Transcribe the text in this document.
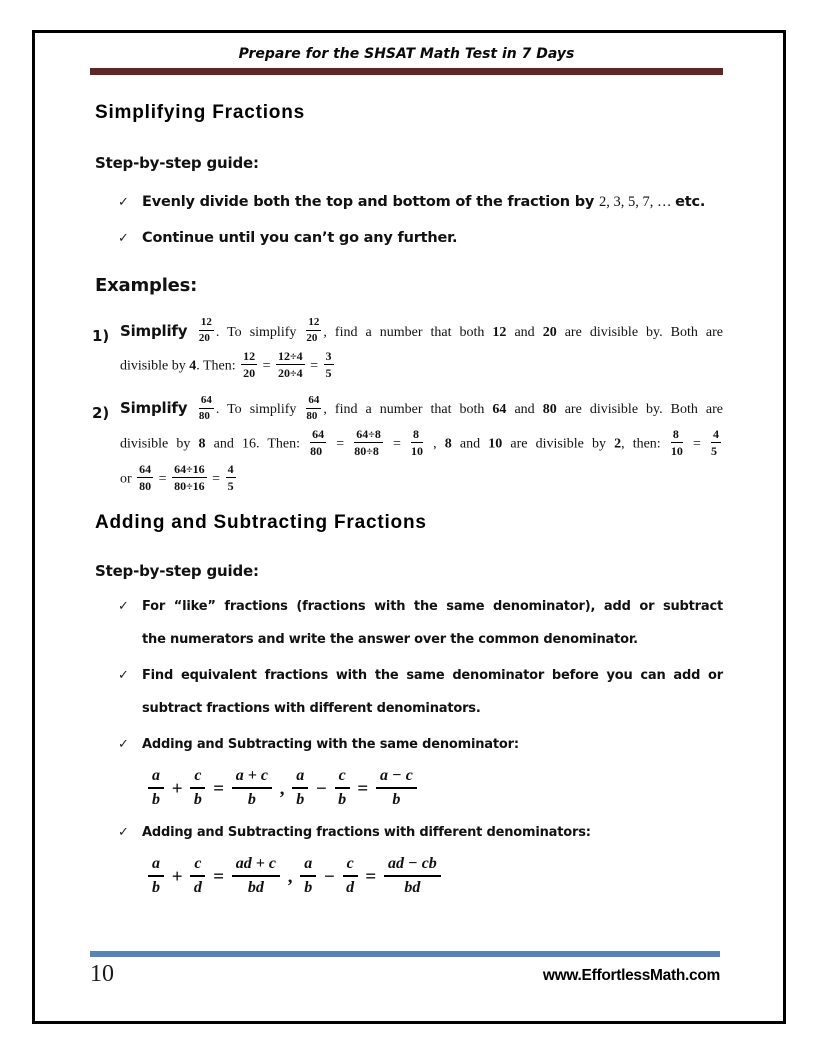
Prepare for the SHSAT Math Test in 7 Days
Simplifying Fractions
Step-by-step guide:
✓ Evenly divide both the top and bottom of the fraction by 2, 3, 5, 7, … etc.
✓ Continue until you can’t go any further.
Examples:
1) Simplify $\frac{12}{20}$ . To simplify $\frac{12}{20}$ , find a number that both 12 and 20 are divisible by. Both are
divisible by 4. Then: $\frac{12}{20} = \frac{12\div 4}{20\div 4} = \frac{3}{5}$
2) Simplify $\frac{64}{80}$ . To simplify $\frac{64}{80}$ , find a number that both 64 and 80 are divisible by. Both are
divisible by 8 and 16. Then: $\frac{64}{80} = \frac{64\div 8}{80\div 8} = \frac{8}{10}$ , 8 and 10 are divisible by 2, then: $\frac{8}{10} = \frac{4}{5}$
or $\frac{64}{80} = \frac{64\div 16}{80\div 16} = \frac{4}{5}$
Adding and Subtracting Fractions
Step-by-step guide:
✓ For “like” fractions (fractions with the same denominator), add or subtract
the numerators and write the answer over the common denominator.
✓ Find equivalent fractions with the same denominator before you can add or
subtract fractions with different denominators.
✓ Adding and Subtracting with the same denominator:
$\frac{a}{b} + \frac{c}{b} = \frac{a + c}{b}$ , $\frac{a}{b} - \frac{c}{b} = \frac{a - c}{b}$
✓ Adding and Subtracting fractions with different denominators:
$\frac{a}{b} + \frac{c}{d} = \frac{ad + c}{bd}$ , $\frac{a}{b} - \frac{c}{d} = \frac{ad - cb}{bd}$
10	www.EffortlessMath.com
